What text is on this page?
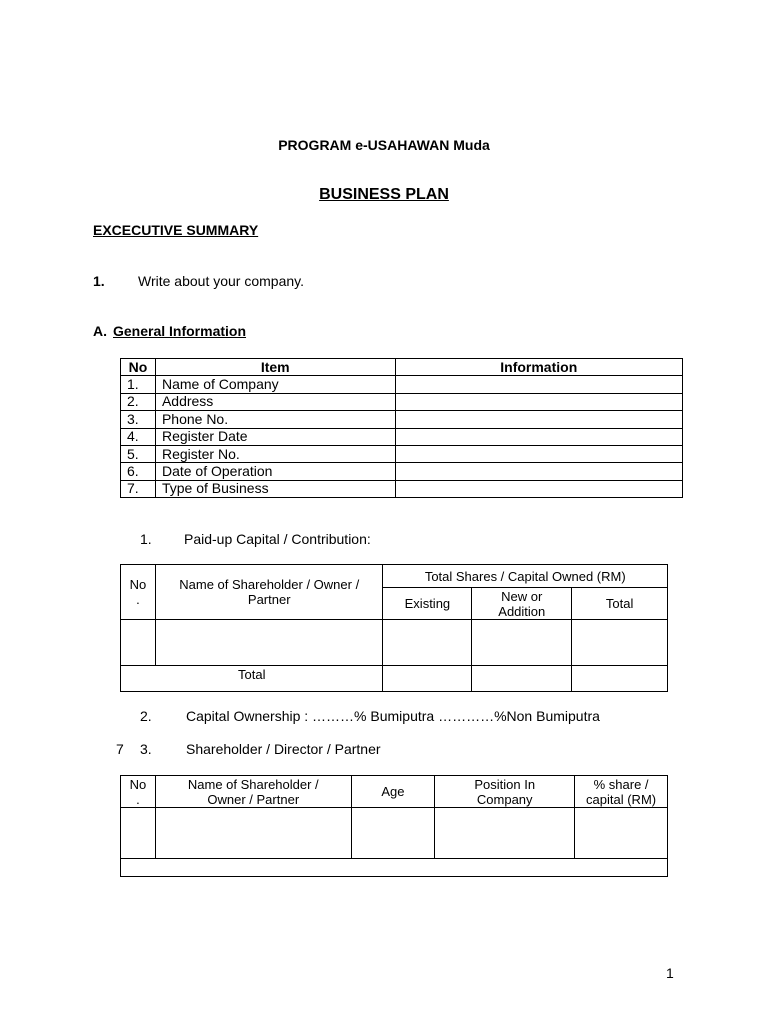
PROGRAM e-USAHAWAN Muda
BUSINESS PLAN
EXCECUTIVE SUMMARY
1. Write about your company.
A. General Information
No	Item	Information
1.	Name of Company	
2.	Address	
3.	Phone No.	
4.	Register Date	
5.	Register No.	
6.	Date of Operation	
7.	Type of Business	
1. Paid-up Capital / Contribution:
No .	Name of Shareholder / Owner / Partner	Total Shares / Capital Owned (RM)		
		Existing	New or Addition	Total

Total				
2. Capital Ownership : ………% Bumiputra …………%Non Bumiputra
7 3. Shareholder / Director / Partner
No .	Name of Shareholder / Owner / Partner	Age	Position In Company	% share / capital (RM)

1
